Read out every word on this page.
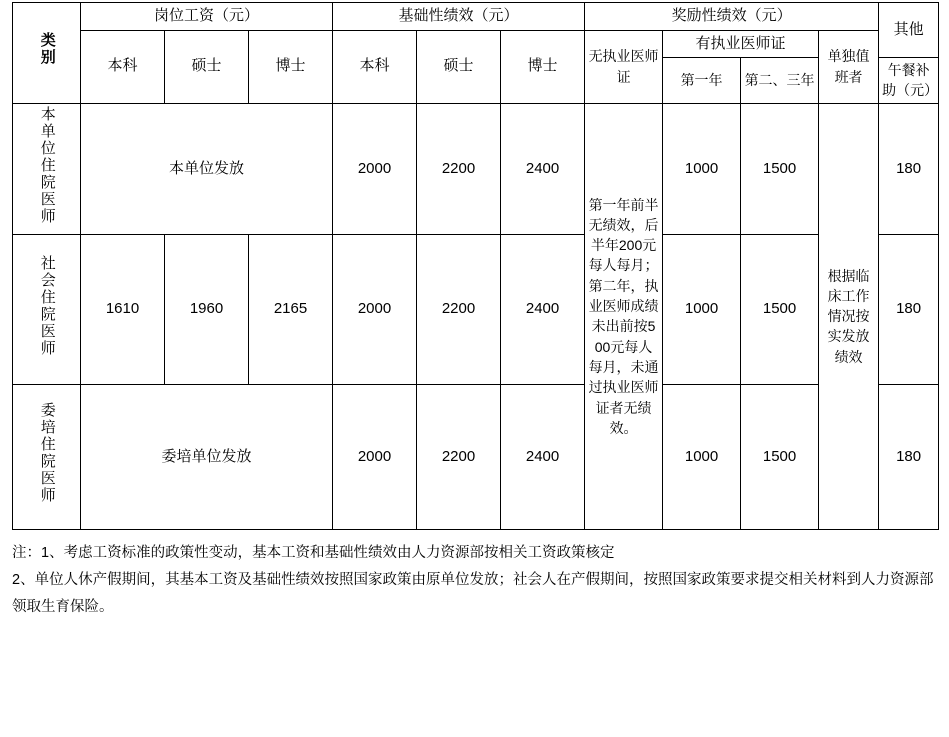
类别	岗位工资（元）			基础性绩效（元）			奖励性绩效（元）				其他

	本科	硕士	博士	本科	硕士	博士	无执业医师证	有执业医师证		单独值班者	

								第一年	第二、三年		午餐补助（元）

本单位住院医师	本单位发放			2000	2200	2400	第一年前半无绩效，后半年200元每人每月；第二年，执业医师成绩未出前按500元每人每月，未通过执业医师证者无绩效。	1000	1500	根据临床工作情况按实发放绩效	180
社会住院医师	1610	1960	2165	2000	2200	2400		1000	1500		180
委培住院医师	委培单位发放			2000	2200	2400		1000	1500		180

注：1、考虑工资标准的政策性变动，基本工资和基础性绩效由人力资源部按相关工资政策核定

2、单位人休产假期间，其基本工资及基础性绩效按照国家政策由原单位发放；社会人在产假期间，按照国家政策要求提交相关材料到人力资源部领取生育保险。
